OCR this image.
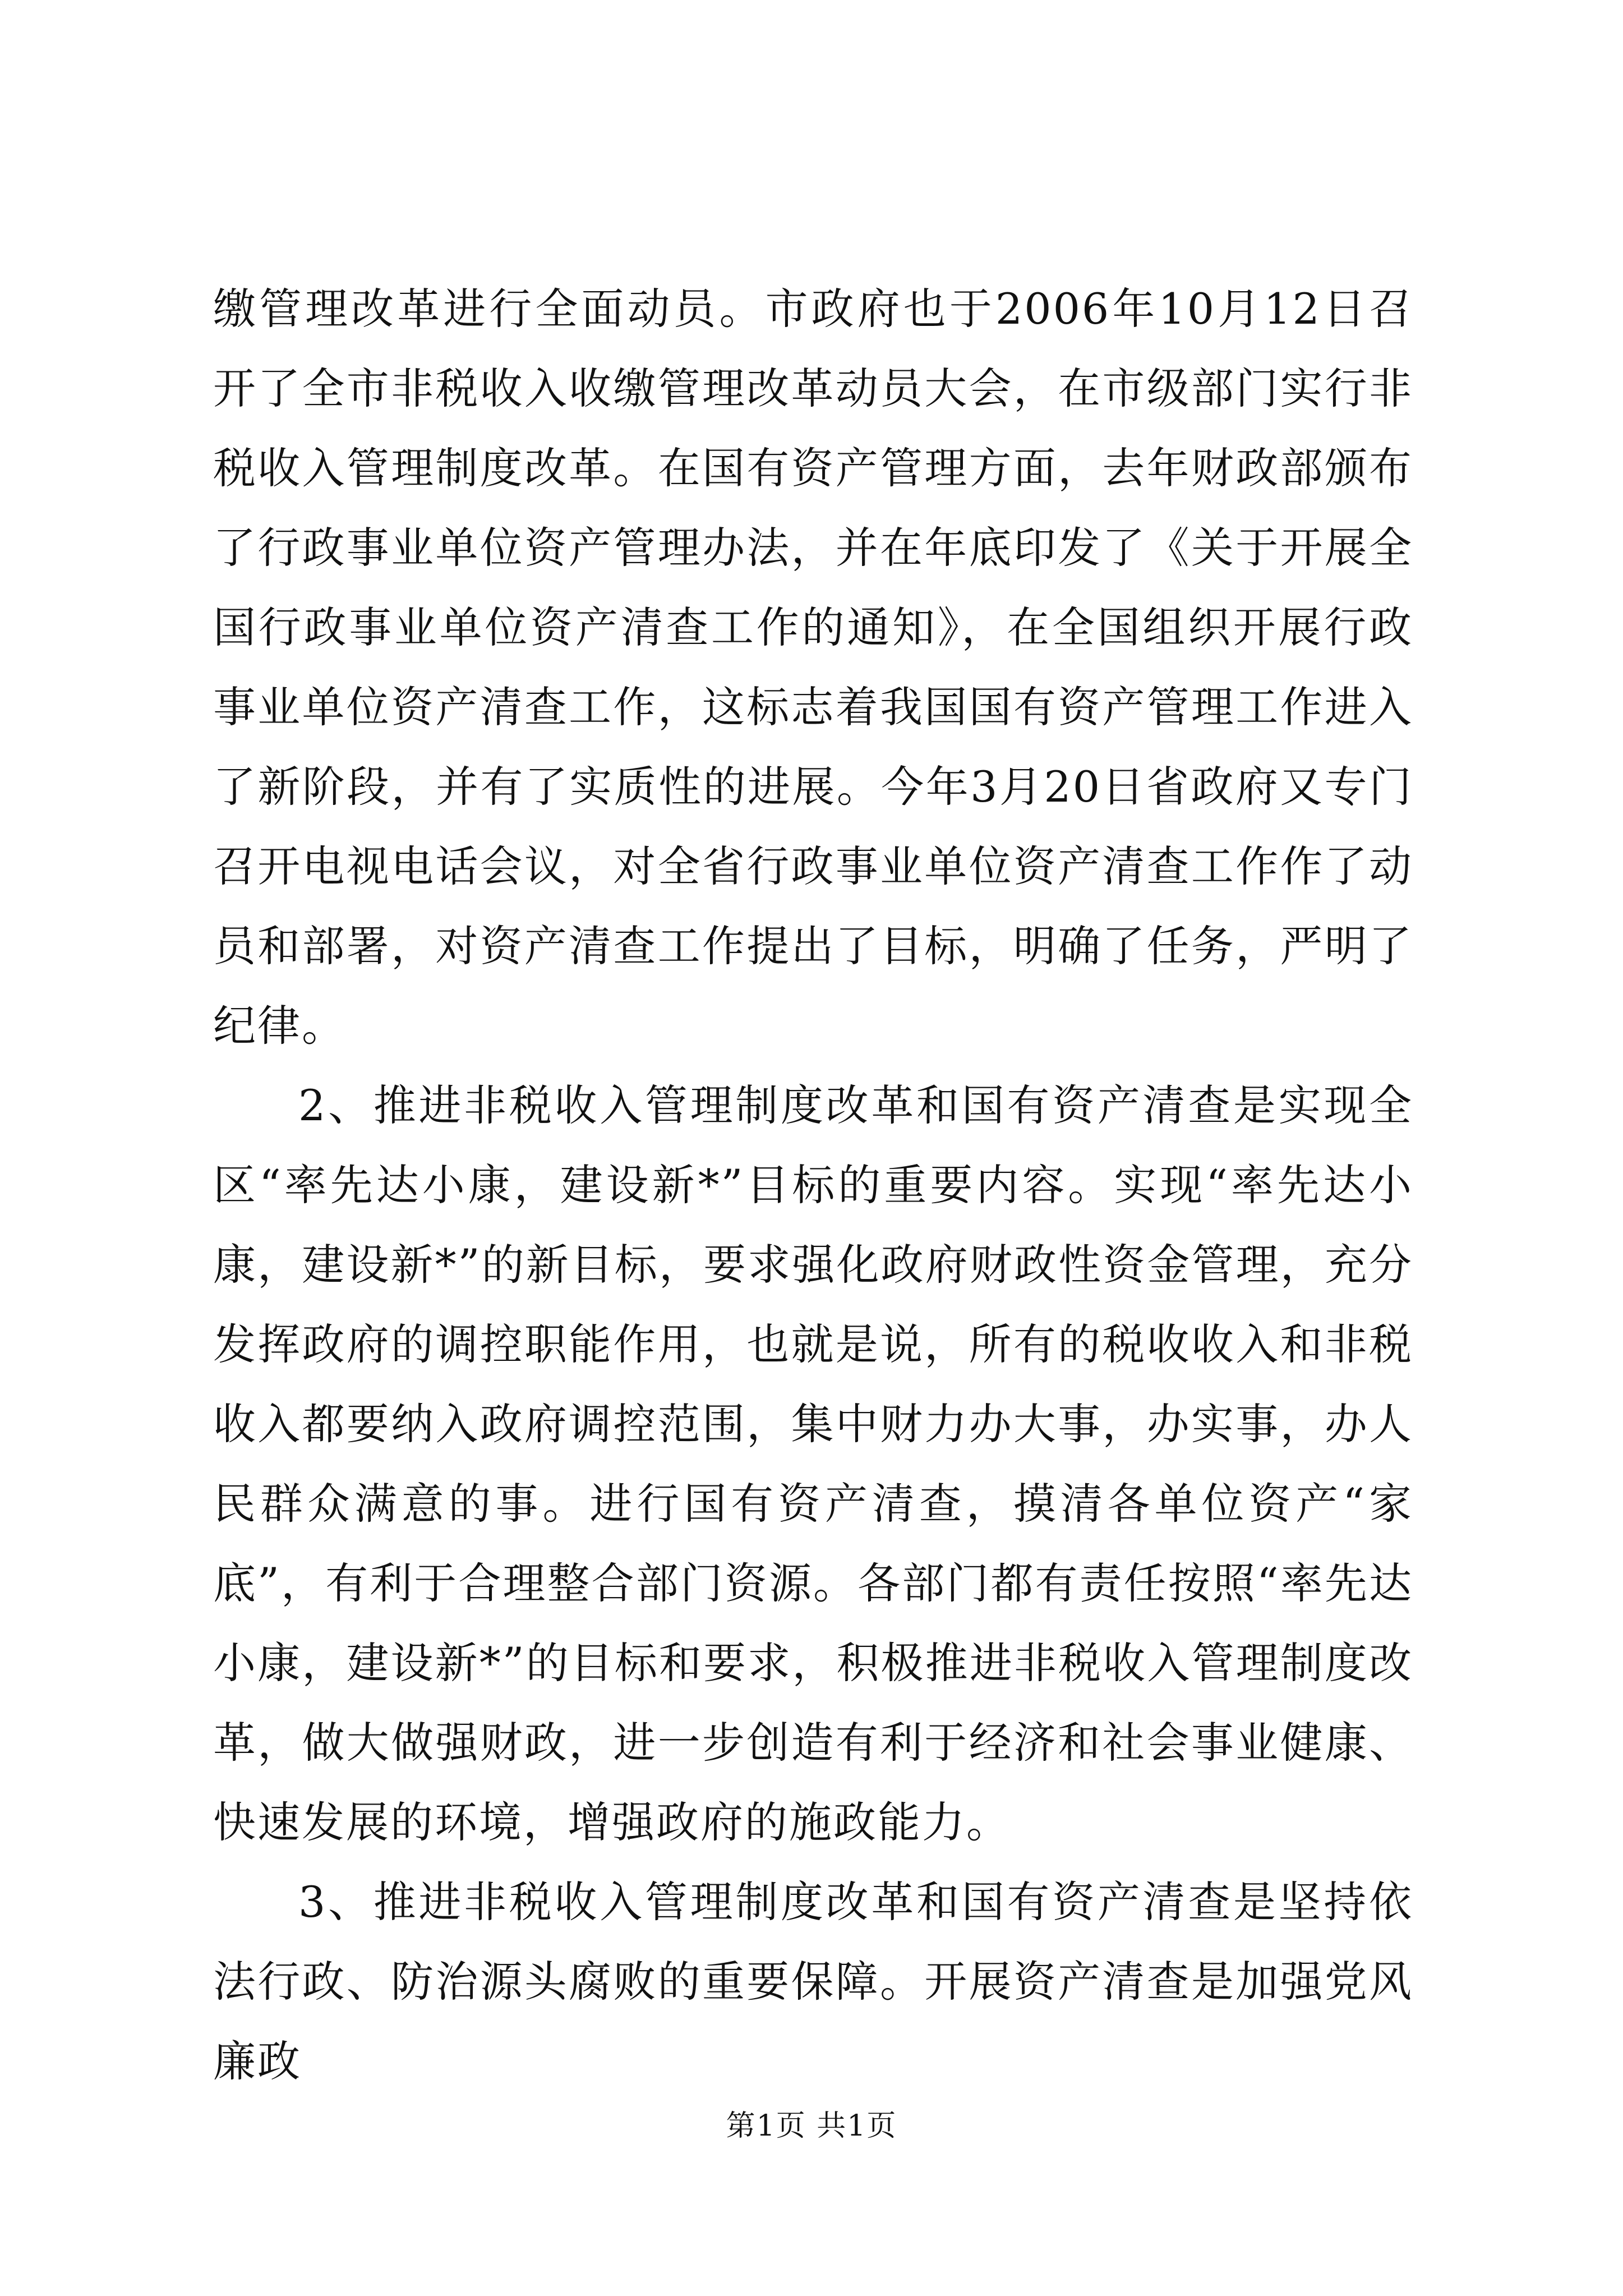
缴管理改革进行全面动员。市政府也于2006年10月12日召开了全市非税收入收缴管理改革动员大会，在市级部门实行非税收入管理制度改革。在国有资产管理方面，去年财政部颁布了行政事业单位资产管理办法，并在年底印发了《关于开展全国行政事业单位资产清查工作的通知》，在全国组织开展行政事业单位资产清查工作，这标志着我国国有资产管理工作进入了新阶段，并有了实质性的进展。今年3月20日省政府又专门召开电视电话会议，对全省行政事业单位资产清查工作作了动员和部署，对资产清查工作提出了目标，明确了任务，严明了纪律。

2、推进非税收入管理制度改革和国有资产清查是实现全区“率先达小康，建设新*”目标的重要内容。实现“率先达小康，建设新*”的新目标，要求强化政府财政性资金管理，充分发挥政府的调控职能作用，也就是说，所有的税收收入和非税收入都要纳入政府调控范围，集中财力办大事，办实事，办人民群众满意的事。进行国有资产清查，摸清各单位资产“家底”，有利于合理整合部门资源。各部门都有责任按照“率先达小康，建设新*”的目标和要求，积极推进非税收入管理制度改革，做大做强财政，进一步创造有利于经济和社会事业健康、快速发展的环境，增强政府的施政能力。

3、推进非税收入管理制度改革和国有资产清查是坚持依法行政、防治源头腐败的重要保障。开展资产清查是加强党风廉政

第1页 共1页
